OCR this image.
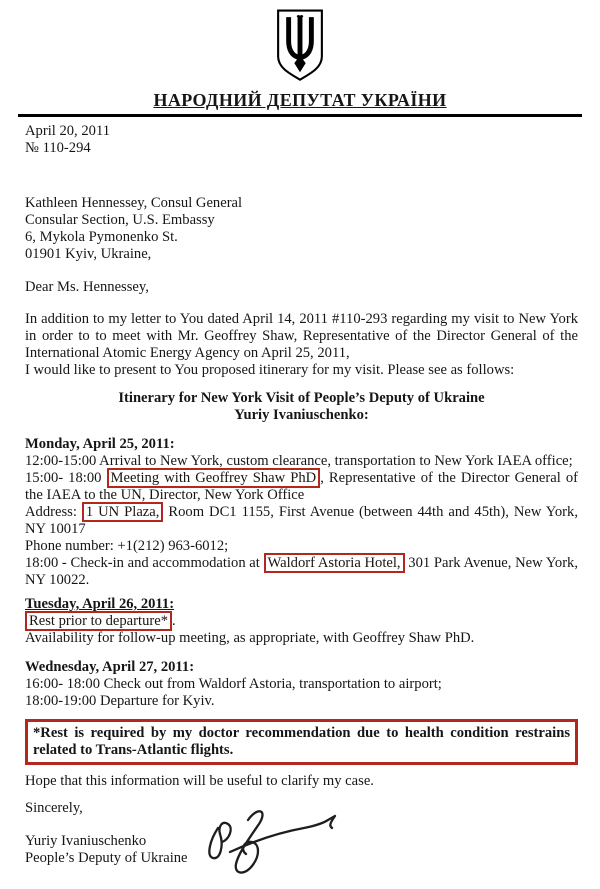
НАРОДНИЙ ДЕПУТАТ УКРАЇНИ
April 20, 2011
№ 110-294
Kathleen Hennessey, Consul General
Consular Section, U.S. Embassy
6, Mykola Pymonenko St.
01901 Kyiv, Ukraine,
Dear Ms. Hennessey,
In addition to my letter to You dated April 14, 2011 #110-293 regarding my visit to New York in order to to meet with Mr. Geoffrey Shaw, Representative of the Director General of the International Atomic Energy Agency on April 25, 2011,
I would like to present to You proposed itinerary for my visit. Please see as follows:
Itinerary for New York Visit of People’s Deputy of Ukraine
Yuriy Ivaniuschenko:
Monday, April 25, 2011:
12:00-15:00 Arrival to New York, custom clearance, transportation to New York IAEA office;
15:00- 18:00 Meeting with Geoffrey Shaw PhD , Representative of the Director General of the IAEA to the UN, Director, New York Office
Address: 1 UN Plaza, Room DC1 1155, First Avenue (between 44th and 45th), New York, NY 10017
Phone number: +1(212) 963-6012;
18:00 - Check-in and accommodation at Waldorf Astoria Hotel, 301 Park Avenue, New York, NY 10022.
Tuesday, April 26, 2011:
Rest prior to departure* .
Availability for follow-up meeting, as appropriate, with Geoffrey Shaw PhD.
Wednesday, April 27, 2011:
16:00- 18:00 Check out from Waldorf Astoria, transportation to airport;
18:00-19:00 Departure for Kyiv.
*Rest is required by my doctor recommendation due to health condition restrains related to Trans-Atlantic flights.
Hope that this information will be useful to clarify my case.
Sincerely,
Yuriy Ivaniuschenko
People’s Deputy of Ukraine
